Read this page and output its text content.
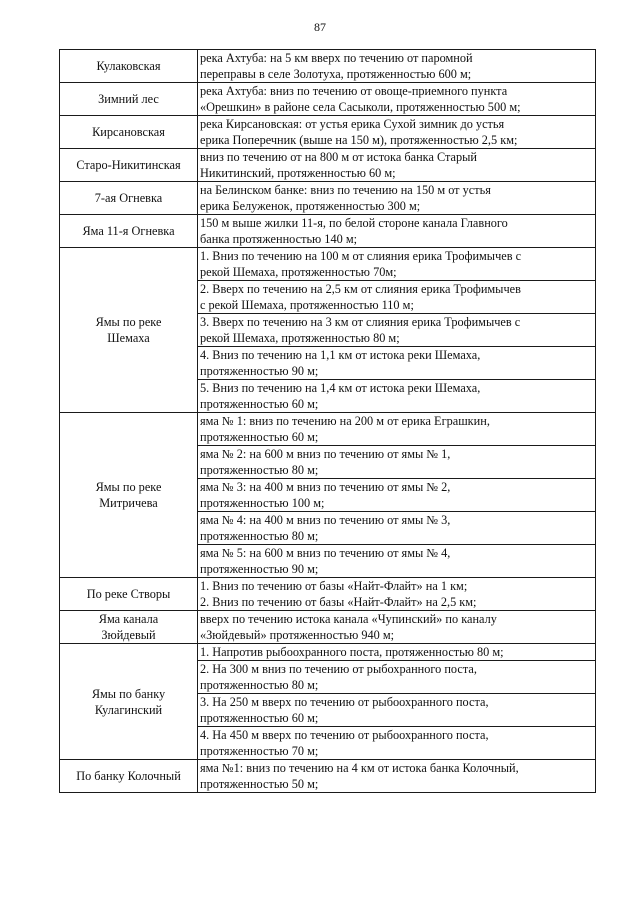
87
Кулаковская	река Ахтуба: на 5 км вверх по течению от паромной
переправы в селе Золотуха, протяженностью 600 м;

Зимний лес	река Ахтуба: вниз по течению от овоще-приемного пункта
«Орешкин» в районе села Сасыколи, протяженностью 500 м;

Кирсановская	река Кирсановская: от устья ерика Сухой зимник до устья
ерика Поперечник (выше на 150 м), протяженностью 2,5 км;

Старо-Никитинская	вниз по течению от на 800 м от истока банка Старый
Никитинский, протяженностью 60 м;

7-ая Огневка	на Белинском банке: вниз по течению на 150 м от устья
ерика Белуженок, протяженностью 300 м;

Яма 11-я Огневка	150 м выше жилки 11-я, по белой стороне канала Главного
банка протяженностью 140 м;

Ямы по реке
Шемаха	1. Вниз по течению на 100 м от слияния ерика Трофимычев с
рекой Шемаха, протяженностью 70м;

	2. Вверх по течению на 2,5 км от слияния ерика Трофимычев
с рекой Шемаха, протяженностью 110 м;

	3. Вверх по течению на 3 км от слияния ерика Трофимычев с
рекой Шемаха, протяженностью 80 м;

	4. Вниз по течению на 1,1 км от истока реки Шемаха,
протяженностью 90 м;

	5. Вниз по течению на 1,4 км от истока реки Шемаха,
протяженностью 60 м;

Ямы по реке
Митричева	яма № 1: вниз по течению на 200 м от ерика Еграшкин,
протяженностью 60 м;

	яма № 2: на 600 м вниз по течению от ямы № 1,
протяженностью 80 м;

	яма № 3: на 400 м вниз по течению от ямы № 2,
протяженностью 100 м;

	яма № 4: на 400 м вниз по течению от ямы № 3,
протяженностью 80 м;

	яма № 5: на 600 м вниз по течению от ямы № 4,
протяженностью 90 м;

По реке Створы	1. Вниз по течению от базы «Найт-Флайт» на 1 км;
2. Вниз по течению от базы «Найт-Флайт» на 2,5 км;

Яма канала
Зюйдевый	вверх по течению истока канала «Чупинский» по каналу
«Зюйдевый» протяженностью 940 м;

Ямы по банку
Кулагинский	1. Напротив рыбоохранного поста, протяженностью 80 м;

	2. На 300 м вниз по течению от рыбохранного поста,
протяженностью 80 м;

	3. На 250 м вверх по течению от рыбоохранного поста,
протяженностью 60 м;

	4. На 450 м вверх по течению от рыбоохранного поста,
протяженностью 70 м;

По банку Колочный	яма №1: вниз по течению на 4 км от истока банка Колочный,
протяженностью 50 м;
